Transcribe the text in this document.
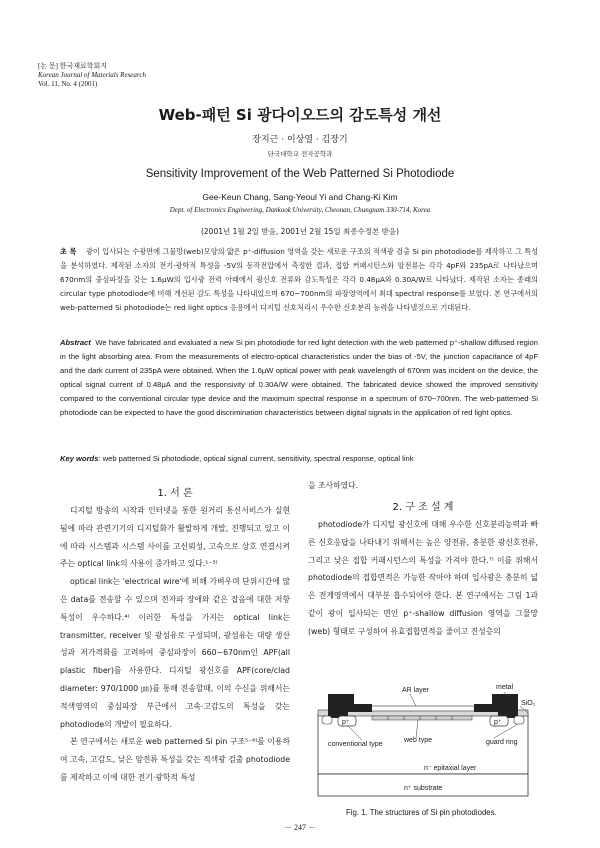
[논 문] 한국재료학회지
Korean Journal of Materials Research
Vol. 11, No. 4 (2001)
Web-패턴 Si 광다이오드의 감도특성 개선
장지근 · 이상열 · 김장기
단국대학교 전자공학과
Sensitivity Improvement of the Web Patterned Si Photodiode
Gee-Keun Chang, Sang-Yeoul Yi and Chang-Ki Kim
Dept. of Electronics Engineering, Dankook University, Cheonan, Chungnam 330-714, Korea
(2001년 1월 2일 받음, 2001년 2월 15일 최종수정본 받음)
초 록 광이 입사되는 수광면에 그물망(web)모양의 얇은 p⁺-diffusion 영역을 갖는 새로운 구조의 적색광 검출 Si pin photodiode를 제작하고 그 특성을 분석하였다. 제작된 소자의 전기·광학적 특성을 -5V의 동작전압에서 측정한 결과, 접합 커패시턴스와 암전류는 각각 4pF와 235pA로 나타났으며 670nm의 중심파장을 갖는 1.6μW의 입사광 전력 아래에서 광신호 전류와 감도특성은 각각 0.48μA와 0.30A/W로 나타났다. 제작된 소자는 종래의 circular type photodiode에 비해 개선된 감도 특성을 나타내었으며 670~700nm의 파장영역에서 최대 spectral response를 보였다. 본 연구에서의 web-patterned Si photodiode는 red light optics 응용에서 디지털 신호처리시 우수한 신호분리 능력을 나타낼것으로 기대된다.
Abstract We have fabricated and evaluated a new Si pin photodiode for red light detection with the web patterned p⁺-shallow diffused region in the light absorbing area. From the measurements of electro-optical characteristics under the bias of -5V, the junction capacitance of 4pF and the dark current of 235pA were obtained. When the 1.6μW optical power with peak wavelength of 670nm was incident on the device, the optical signal current of 0.48μA and the responsivity of 0.30A/W were obtained. The fabricated device showed the improved sensitivity compared to the conventional circular type device and the maximum spectral response in a spectrum of 670~700nm. The web-patterned Si photodiode can be expected to have the good discrimination characteristics between digital signals in the application of red light optics.
Key words: web patterned Si photodiode, optical signal current, sensitivity, spectral response, optical link
1. 서 론

디지털 방송의 시작과 인터넷을 통한 원거리 통신서비스가 실현됨에 따라 관련기기의 디지털화가 활발하게 개발, 진행되고 있고 이에 따라 시스템과 시스템 사이를 고신뢰성, 고속으로 상호 연결시켜주는 optical link의 사용이 증가하고 있다.¹⁻³⁾

optical link는 'electrical wire'에 비해 가벼우며 단위시간에 많은 data를 전송할 수 있으며 전자파 장애와 같은 잡음에 대한 저항특성이 우수하다.⁴⁾ 이러한 특성을 가지는 optical link는 transmitter, receiver 및 광섬유로 구성되며, 광섬유는 대량 생산성과 저가격화를 고려하여 중심파장이 660~670nm인 APF(all plastic fiber)를 사용한다. 디지털 광신호를 APF(core/clad diameter: 970/1000 ㎛)를 통해 전송할때, 이의 수신을 위해서는 적색영역의 중심파장 부근에서 고속·고감도의 특성을 갖는 photodiode의 개발이 필요하다.

본 연구에서는 새로운 web patterned Si pin 구조⁵⁻⁶⁾를 이용하여 고속, 고감도, 낮은 암전류 특성을 갖는 적색광 검출 photodiode를 제작하고 이에 대한 전기·광학적 특성

을 조사하였다.
2. 구 조 설 계

photodiode가 디지털 광신호에 대해 우수한 신호분리능력과 빠른 신호응답을 나타내기 위해서는 높은 양전류, 충분한 광신호전류, 그리고 낮은 접합 커패시턴스의 특성을 가져야 한다.⁷⁾ 이를 위해서 photodiode의 접합면적은 가능한 작아야 하며 입사광은 충분히 넓은 전계영역에서 대부분 흡수되어야 한다. 본 연구에서는 그림 1과 같이 광이 입사되는 면인 p⁺-shallow diffusion 영역을 그물망(web) 형태로 구성하여 유효접합면적을 줄이고 진성층의

metal
AR layer
SiO₂
p⁺	p⁺
web type
conventional type	guard ring
n⁻ epitaxial layer
n⁺ substrate
Fig. 1. The structures of Si pin photodiodes.
－ 247 －
